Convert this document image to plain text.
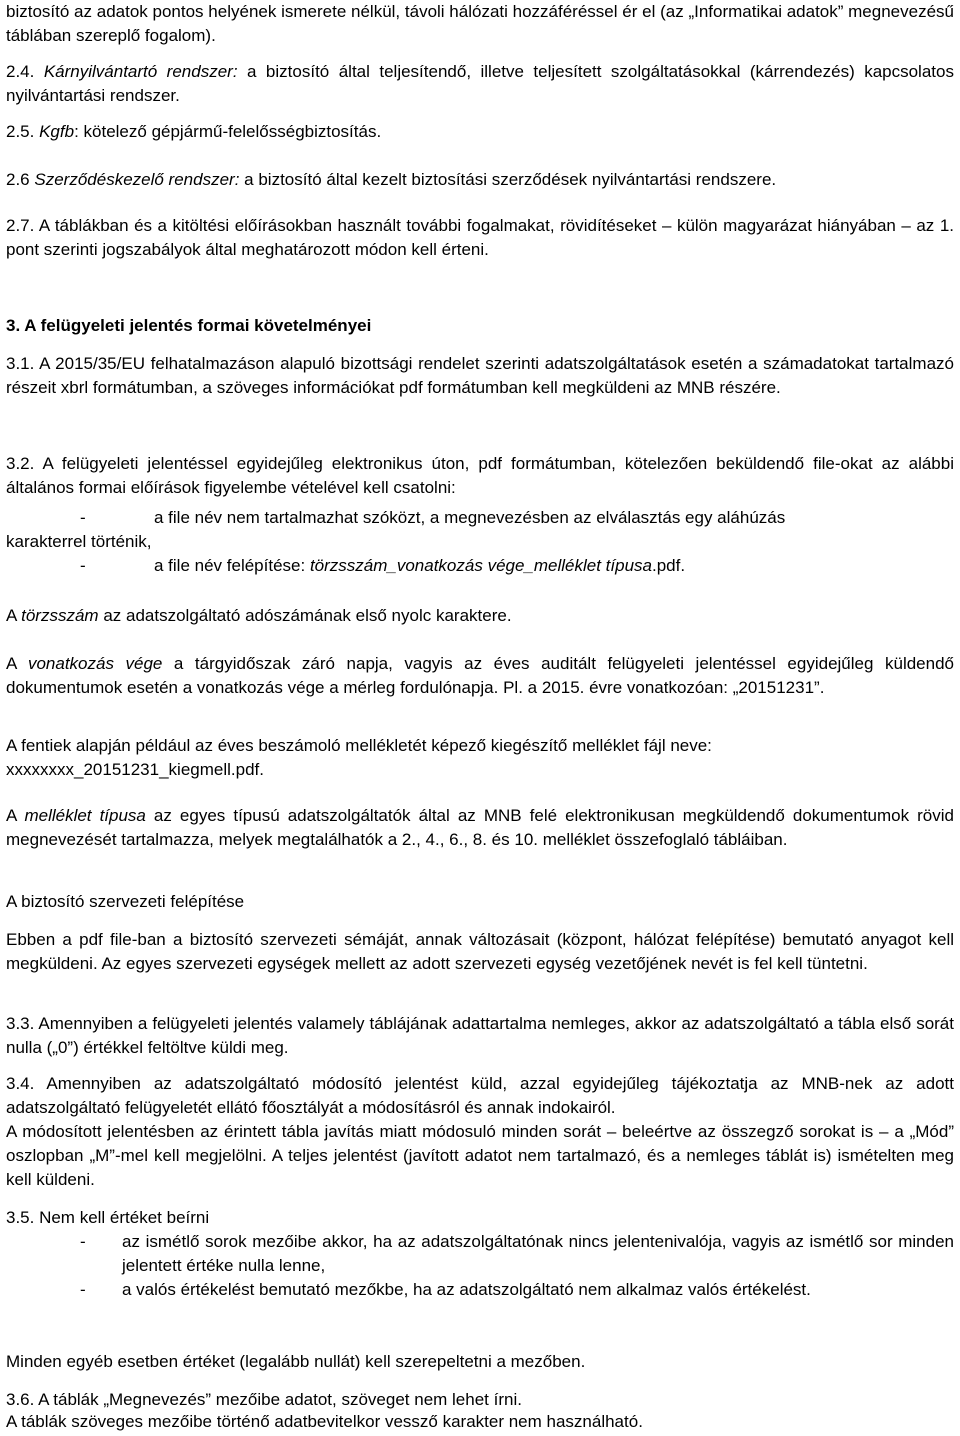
biztosító az adatok pontos helyének ismerete nélkül, távoli hálózati hozzáféréssel ér el (az „Informatikai adatok” megnevezésű táblában szereplő fogalom).

2.4. Kárnyilvántartó rendszer: a biztosító által teljesítendő, illetve teljesített szolgáltatásokkal (kárrendezés) kapcsolatos nyilvántartási rendszer.

2.5. Kgfb: kötelező gépjármű-felelősségbiztosítás.

2.6 Szerződéskezelő rendszer: a biztosító által kezelt biztosítási szerződések nyilvántartási rendszere.

2.7. A táblákban és a kitöltési előírásokban használt további fogalmakat, rövidítéseket – külön magyarázat hiányában – az 1. pont szerinti jogszabályok által meghatározott módon kell érteni.

3. A felügyeleti jelentés formai követelményei

3.1. A 2015/35/EU felhatalmazáson alapuló bizottsági rendelet szerinti adatszolgáltatások esetén a számadatokat tartalmazó részeit xbrl formátumban, a szöveges információkat pdf formátumban kell megküldeni az MNB részére.

3.2. A felügyeleti jelentéssel egyidejűleg elektronikus úton, pdf formátumban, kötelezően beküldendő file-okat az alábbi általános formai előírások figyelembe vételével kell csatolni:

-	a file név nem tartalmazhat szóközt, a megnevezésben az elválasztás egy aláhúzás
karakterrel történik,
-	a file név felépítése: törzsszám_vonatkozás vége_melléklet típusa.pdf.

A törzsszám az adatszolgáltató adószámának első nyolc karaktere.

A vonatkozás vége a tárgyidőszak záró napja, vagyis az éves auditált felügyeleti jelentéssel egyidejűleg küldendő dokumentumok esetén a vonatkozás vége a mérleg fordulónapja. Pl. a 2015. évre vonatkozóan: „20151231”.

A fentiek alapján például az éves beszámoló mellékletét képező kiegészítő melléklet fájl neve: xxxxxxxx_20151231_kiegmell.pdf.

A melléklet típusa az egyes típusú adatszolgáltatók által az MNB felé elektronikusan megküldendő dokumentumok rövid megnevezését tartalmazza, melyek megtalálhatók a 2., 4., 6., 8. és 10. melléklet összefoglaló tábláiban.

A biztosító szervezeti felépítése

Ebben a pdf file-ban a biztosító szervezeti sémáját, annak változásait (központ, hálózat felépítése) bemutató anyagot kell megküldeni. Az egyes szervezeti egységek mellett az adott szervezeti egység vezetőjének nevét is fel kell tüntetni.

3.3. Amennyiben a felügyeleti jelentés valamely táblájának adattartalma nemleges, akkor az adatszolgáltató a tábla első sorát nulla („0”) értékkel feltöltve küldi meg.

3.4. Amennyiben az adatszolgáltató módosító jelentést küld, azzal egyidejűleg tájékoztatja az MNB-nek az adott adatszolgáltató felügyeletét ellátó főosztályát a módosításról és annak indokairól.

A módosított jelentésben az érintett tábla javítás miatt módosuló minden sorát – beleértve az összegző sorokat is – a „Mód” oszlopban „M”-mel kell megjelölni. A teljes jelentést (javított adatot nem tartalmazó, és a nemleges táblát is) ismételten meg kell küldeni.

3.5. Nem kell értéket beírni

- az ismétlő sorok mezőibe akkor, ha az adatszolgáltatónak nincs jelentenivalója, vagyis az ismétlő sor minden jelentett értéke nulla lenne,
- a valós értékelést bemutató mezőkbe, ha az adatszolgáltató nem alkalmaz valós értékelést.

Minden egyéb esetben értéket (legalább nullát) kell szerepeltetni a mezőben.

3.6. A táblák „Megnevezés” mezőibe adatot, szöveget nem lehet írni.

A táblák szöveges mezőibe történő adatbevitelkor vessző karakter nem használható.
